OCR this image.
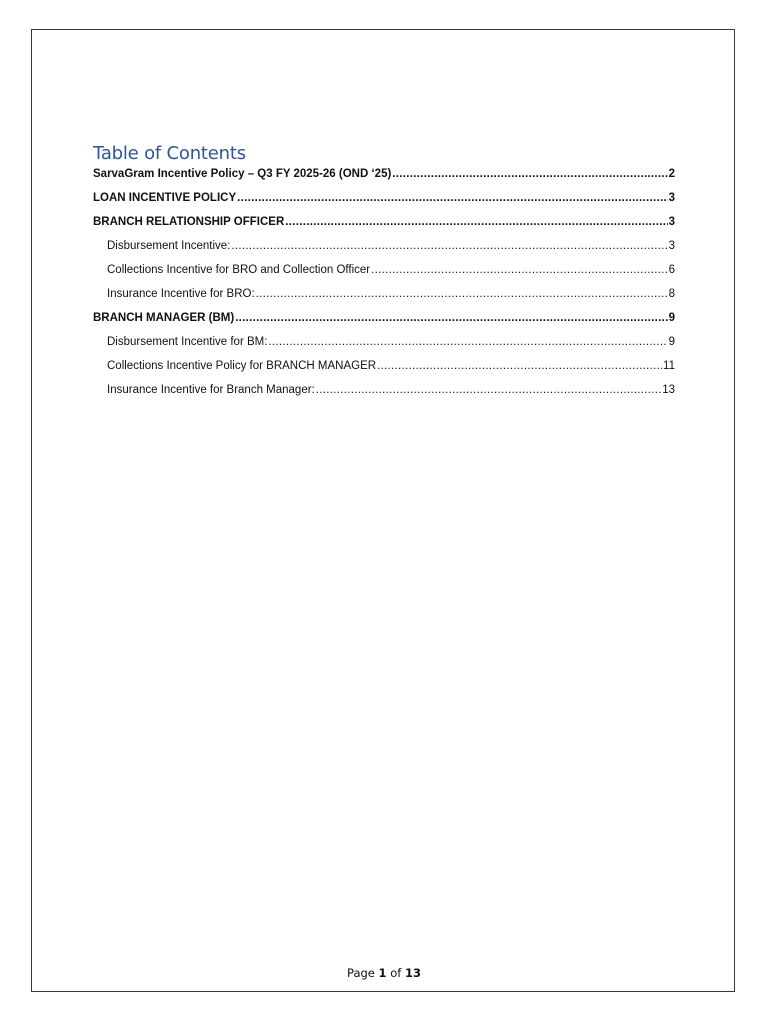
Table of Contents
SarvaGram Incentive Policy – Q3 FY 2025-26 (OND ‘25) .....	2
LOAN INCENTIVE POLICY .....	3
BRANCH RELATIONSHIP OFFICER .....	3
Disbursement Incentive: .....	3
Collections Incentive for BRO and Collection Officer .....	6
Insurance Incentive for BRO: .....	8
BRANCH MANAGER (BM) .....	9
Disbursement Incentive for BM: .....	9
Collections Incentive Policy for BRANCH MANAGER .....	11
Insurance Incentive for Branch Manager: .....	13
Page 1 of 13
